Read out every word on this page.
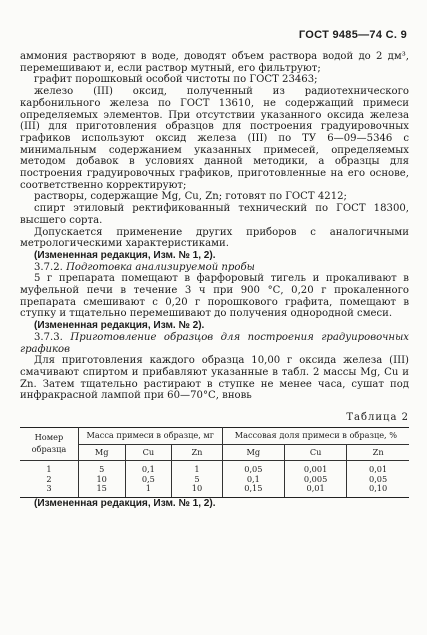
ГОСТ 9485—74 С. 9

аммония растворяют в воде, доводят объем раствора водой до 2 дм³, перемешивают и, если раствор мутный, его фильтруют;

графит порошковый особой чистоты по ГОСТ 23463;

железо (III) оксид, полученный из радиотехнического карбонильного железа по ГОСТ 13610, не содержащий примеси определяемых элементов. При отсутствии указанного оксида железа (III) для приготовления образцов для построения градуировочных графиков используют оксид железа (III) по ТУ 6—09—5346 с минимальным содержанием указанных примесей, определяемых методом добавок в условиях данной методики, а образцы для построения градуировочных графиков, приготовленные на его основе, соответственно корректируют;

растворы, содержащие Mg, Cu, Zn; готовят по ГОСТ 4212;

спирт этиловый ректификованный технический по ГОСТ 18300, высшего сорта.

Допускается применение других приборов с аналогичными метрологическими характеристиками.

(Измененная редакция, Изм. № 1, 2).

3.7.2. Подготовка анализируемой пробы

5 г препарата помещают в фарфоровый тигель и прокаливают в муфельной печи в течение 3 ч при 900 °С, 0,20 г прокаленного препарата смешивают с 0,20 г порошкового графита, помещают в ступку и тщательно перемешивают до получения однородной смеси.

(Измененная редакция, Изм. № 2).

3.7.3. Приготовление образцов для построения градуировочных графиков

Для приготовления каждого образца 10,00 г оксида железа (III) смачивают спиртом и прибавляют указанные в табл. 2 массы Mg, Cu и Zn. Затем тщательно растирают в ступке не менее часа, сушат под инфракрасной лампой при 60—70°С, вновь

Таблица 2
Номер образца	Масса примеси в образце, мг			Массовая доля примеси в образце, %		
	Mg	Cu	Zn	Mg	Cu	Zn
1	5	0,1	1	0,05	0,001	0,01
2	10	0,5	5	0,1	0,005	0,05
3	15	1	10	0,15	0,01	0,10

(Измененная редакция, Изм. № 1, 2).
